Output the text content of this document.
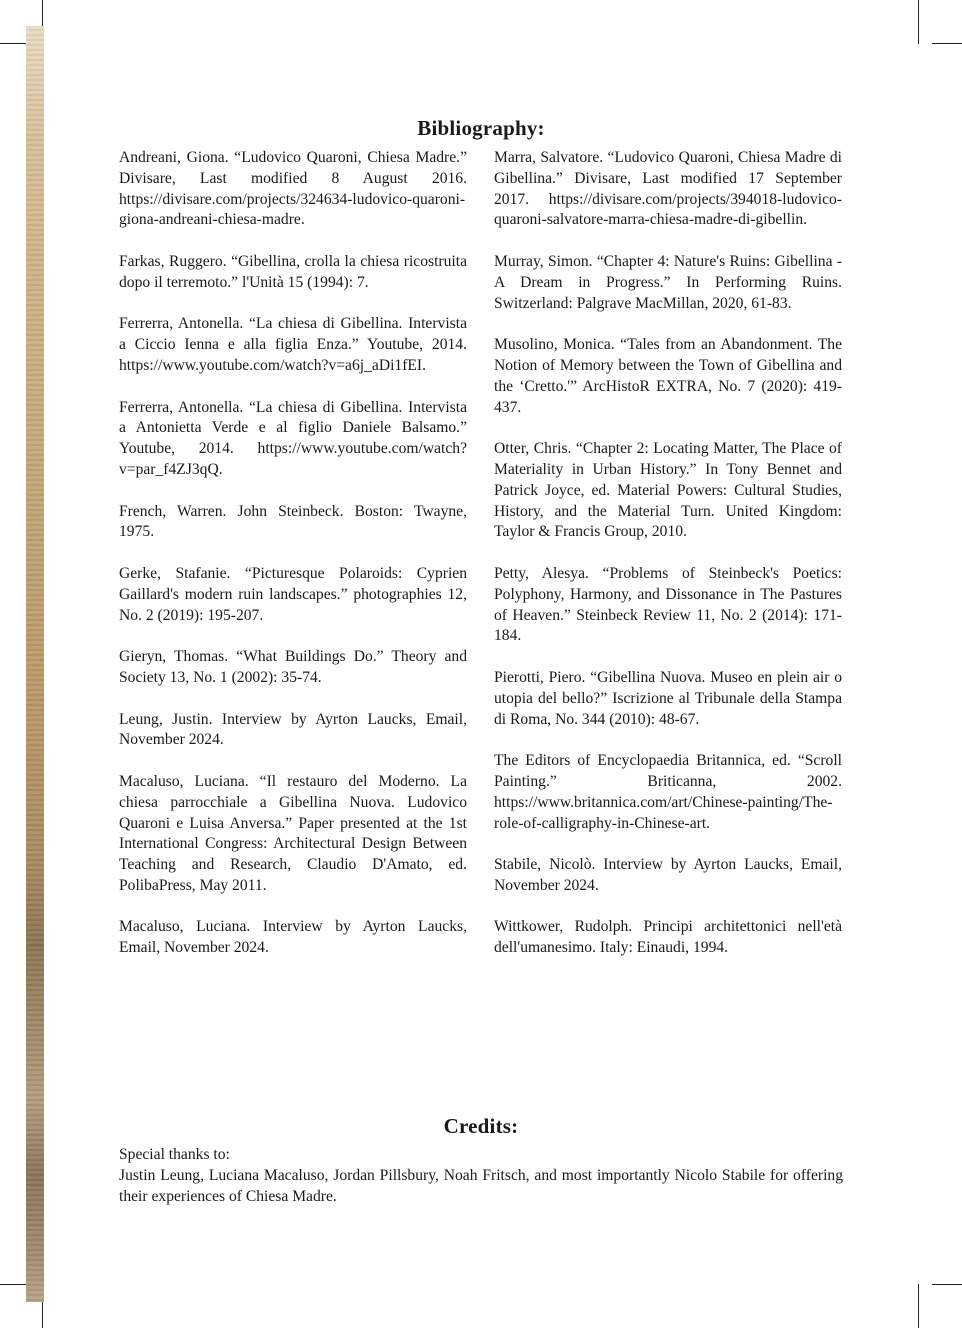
Bibliography:

Andreani, Giona. “Ludovico Quaroni, Chiesa Madre.” Divisare, Last modified 8 August 2016. https://divisare.com/projects/324634-ludovico-quaroni-giona-andreani-chiesa-madre.

Farkas, Ruggero. “Gibellina, crolla la chiesa ricostruita dopo il terremoto.” l'Unità 15 (1994): 7.

Ferrerra, Antonella. “La chiesa di Gibellina. Intervista a Ciccio Ienna e alla figlia Enza.” Youtube, 2014. https://www.youtube.com/watch?v=a6j_aDi1fEI.

Ferrerra, Antonella. “La chiesa di Gibellina. Intervista a Antonietta Verde e al figlio Daniele Balsamo.” Youtube, 2014. https://www.youtube.com/watch?v=par_f4ZJ3qQ.

French, Warren. John Steinbeck. Boston: Twayne, 1975.

Gerke, Stafanie. “Picturesque Polaroids: Cyprien Gaillard's modern ruin landscapes.” photographies 12, No. 2 (2019): 195-207.

Gieryn, Thomas. “What Buildings Do.” Theory and Society 13, No. 1 (2002): 35-74.

Leung, Justin. Interview by Ayrton Laucks, Email, November 2024.

Macaluso, Luciana. “Il restauro del Moderno. La chiesa parrocchiale a Gibellina Nuova. Ludovico Quaroni e Luisa Anversa.” Paper presented at the 1st International Congress: Architectural Design Between Teaching and Research, Claudio D'Amato, ed. PolibaPress, May 2011.

Macaluso, Luciana. Interview by Ayrton Laucks, Email, November 2024.

Marra, Salvatore. “Ludovico Quaroni, Chiesa Madre di Gibellina.” Divisare, Last modified 17 September 2017. https://divisare.com/projects/394018-ludovico-quaroni-salvatore-marra-chiesa-madre-di-gibellin.

Murray, Simon. “Chapter 4: Nature's Ruins: Gibellina - A Dream in Progress.” In Performing Ruins. Switzerland: Palgrave MacMillan, 2020, 61-83.

Musolino, Monica. “Tales from an Abandonment. The Notion of Memory between the Town of Gibellina and the ‘Cretto.'” ArcHistoR EXTRA, No. 7 (2020): 419-437.

Otter, Chris. “Chapter 2: Locating Matter, The Place of Materiality in Urban History.” In Tony Bennet and Patrick Joyce, ed. Material Powers: Cultural Studies, History, and the Material Turn. United Kingdom: Taylor & Francis Group, 2010.

Petty, Alesya. “Problems of Steinbeck's Poetics: Polyphony, Harmony, and Dissonance in The Pastures of Heaven.” Steinbeck Review 11, No. 2 (2014): 171-184.

Pierotti, Piero. “Gibellina Nuova. Museo en plein air o utopia del bello?” Iscrizione al Tribunale della Stampa di Roma, No. 344 (2010): 48-67.

The Editors of Encyclopaedia Britannica, ed. “Scroll Painting.” Briticanna, 2002. https://www.britannica.com/art/Chinese-painting/The-role-of-calligraphy-in-Chinese-art.

Stabile, Nicolò. Interview by Ayrton Laucks, Email, November 2024.

Wittkower, Rudolph. Principi architettonici nell'età dell'umanesimo. Italy: Einaudi, 1994.

Credits:

Special thanks to:

Justin Leung, Luciana Macaluso, Jordan Pillsbury, Noah Fritsch, and most importantly Nicolo Stabile for offering their experiences of Chiesa Madre.
